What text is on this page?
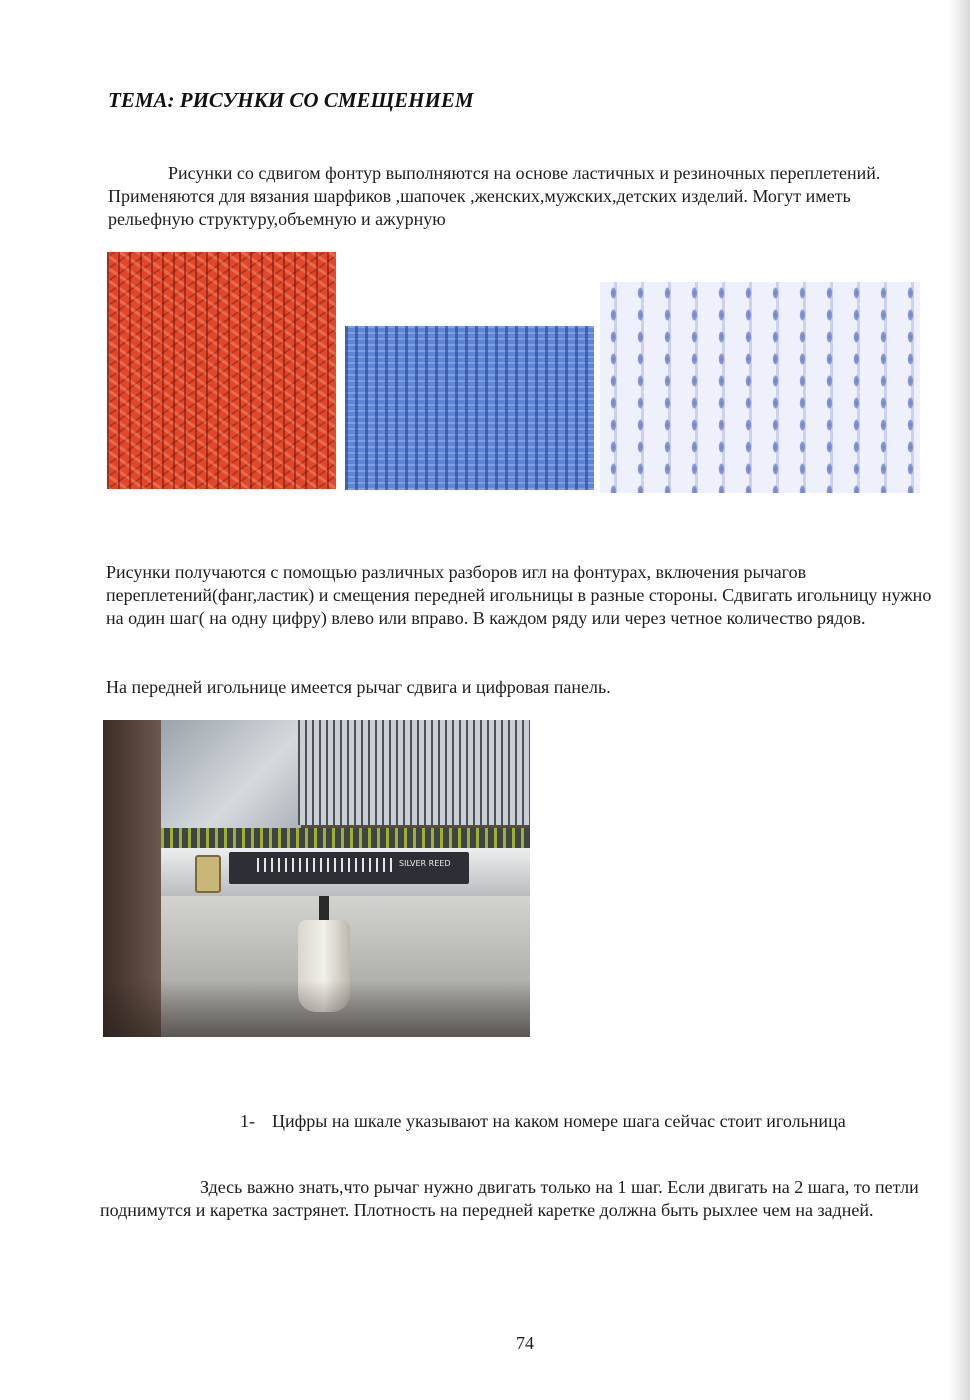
ТЕМА: РИСУНКИ СО СМЕЩЕНИЕМ
Рисунки со сдвигом фонтур выполняются на основе ластичных и резиночных переплетений. Применяются для вязания шарфиков ,шапочек ,женских,мужских,детских изделий. Могут иметь рельефную структуру,объемную и ажурную
Рисунки получаются с помощью различных разборов игл на фонтурах, включения рычагов переплетений(фанг,ластик) и смещения передней игольницы в разные стороны. Сдвигать игольницу нужно на один шаг( на одну цифру) влево или вправо. В каждом ряду или через четное количество рядов.
На передней игольнице имеется рычаг сдвига и цифровая панель.
SILVER REED
1- Цифры на шкале указывают на каком номере шага сейчас стоит игольница
Здесь важно знать,что рычаг нужно двигать только на 1 шаг. Если двигать на 2 шага, то петли поднимутся и каретка застрянет. Плотность на передней каретке должна быть рыхлее чем на задней.
74
